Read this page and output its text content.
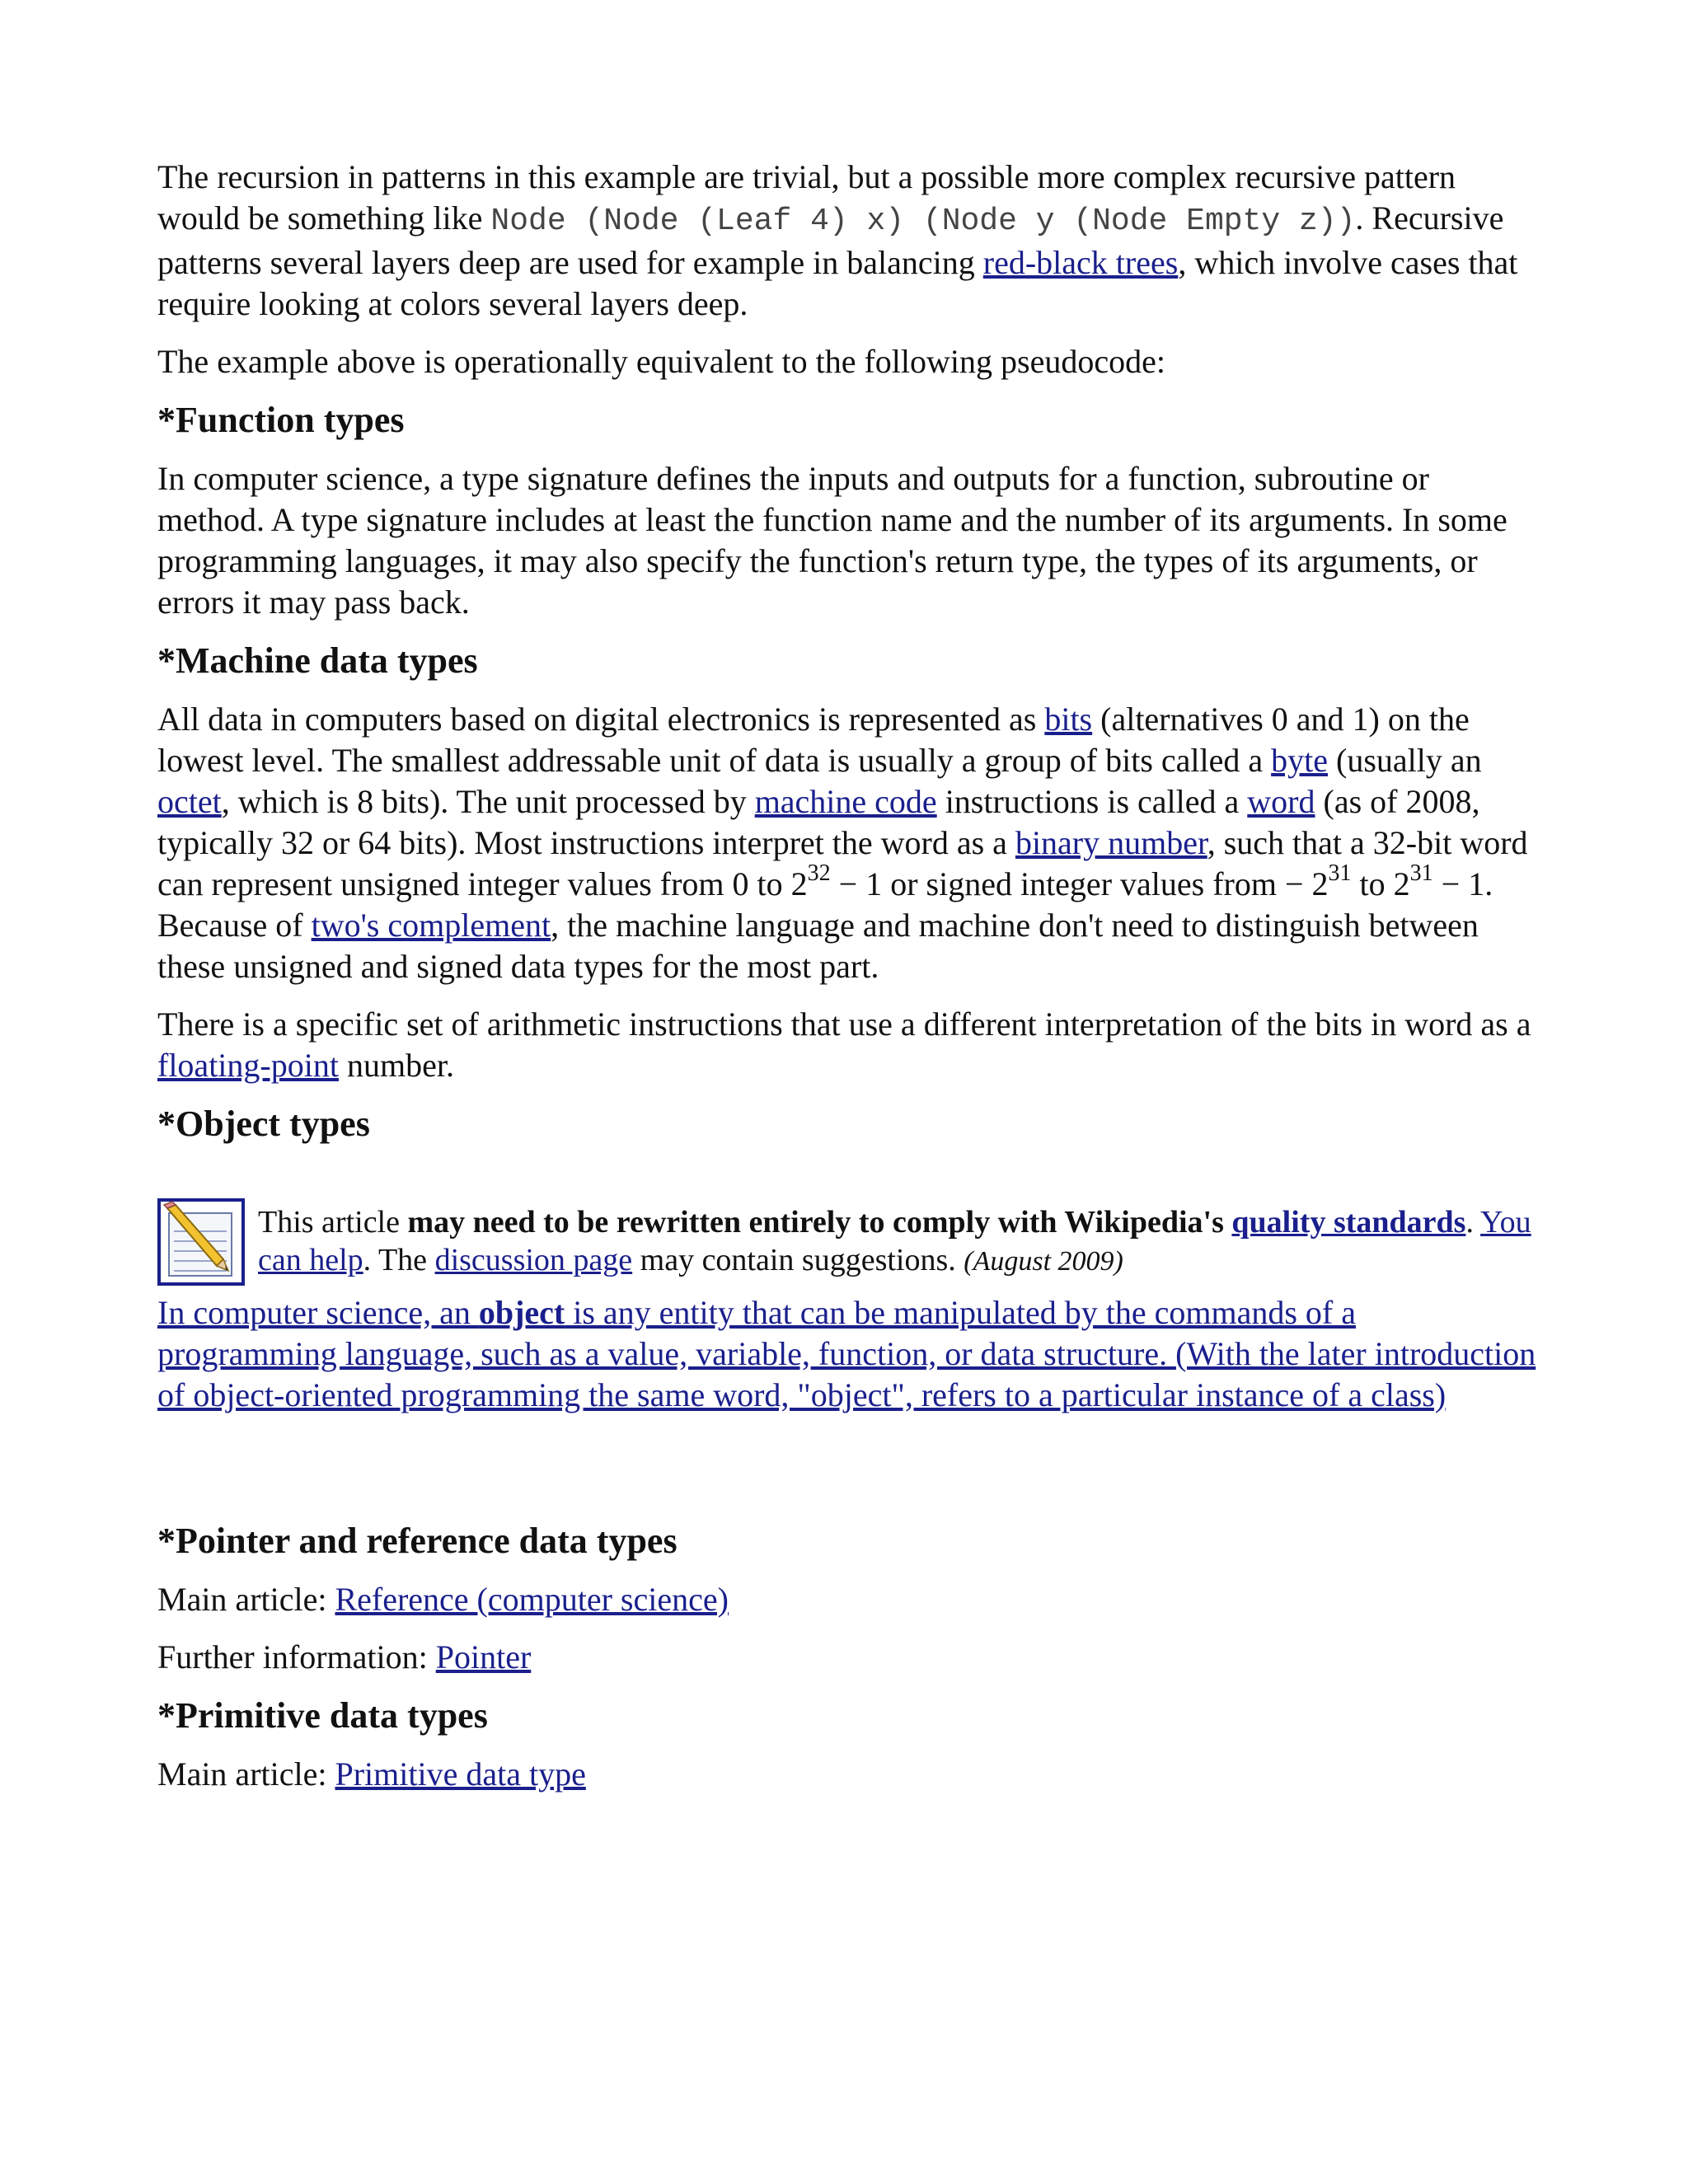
The recursion in patterns in this example are trivial, but a possible more complex recursive pattern would be something like Node (Node (Leaf 4) x) (Node y (Node Empty z)). Recursive patterns several layers deep are used for example in balancing red-black trees, which involve cases that require looking at colors several layers deep.

The example above is operationally equivalent to the following pseudocode:

*Function types

In computer science, a type signature defines the inputs and outputs for a function, subroutine or method. A type signature includes at least the function name and the number of its arguments. In some programming languages, it may also specify the function's return type, the types of its arguments, or errors it may pass back.

*Machine data types

All data in computers based on digital electronics is represented as bits (alternatives 0 and 1) on the lowest level. The smallest addressable unit of data is usually a group of bits called a byte (usually an octet, which is 8 bits). The unit processed by machine code instructions is called a word (as of 2008, typically 32 or 64 bits). Most instructions interpret the word as a binary number, such that a 32-bit word can represent unsigned integer values from 0 to $2^{32} - 1$ or signed integer values from − $2^{31}$ to $2^{31} - 1$. Because of two's complement, the machine language and machine don't need to distinguish between these unsigned and signed data types for the most part.

There is a specific set of arithmetic instructions that use a different interpretation of the bits in word as a floating-point number.

*Object types
This article may need to be rewritten entirely to comply with Wikipedia's quality standards. You can help. The discussion page may contain suggestions. (August 2009)
In computer science, an object is any entity that can be manipulated by the commands of a programming language, such as a value, variable, function, or data structure. (With the later introduction of object-oriented programming the same word, "object", refers to a particular instance of a class)
*Pointer and reference data types

Main article: Reference (computer science)

Further information: Pointer

*Primitive data types

Main article: Primitive data type
